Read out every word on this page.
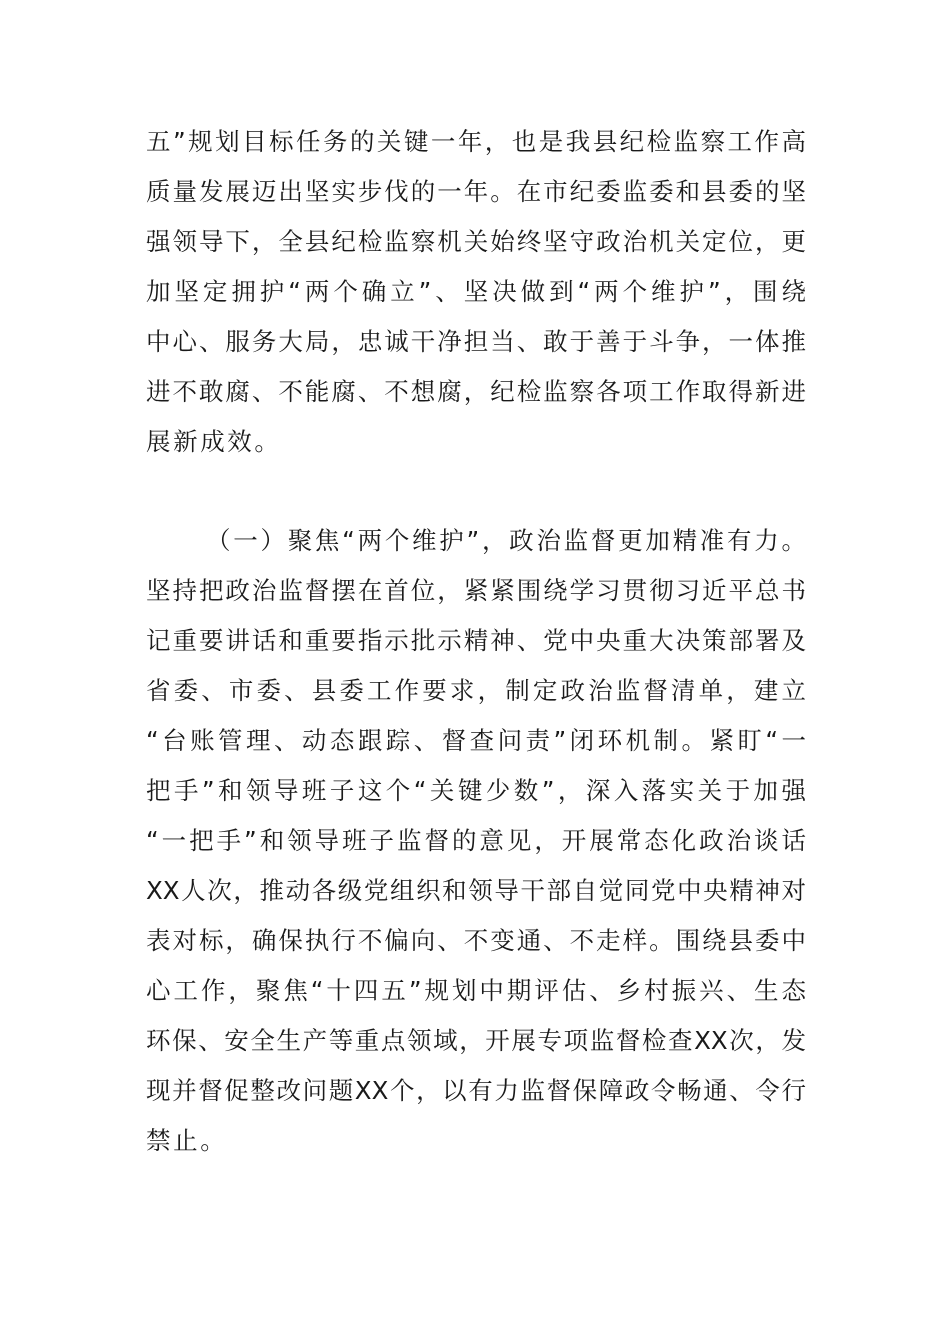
五”规划目标任务的关键一年，也是我县纪检监察工作高
质量发展迈出坚实步伐的一年。在市纪委监委和县委的坚
强领导下，全县纪检监察机关始终坚守政治机关定位，更
加坚定拥护“两个确立”、坚决做到“两个维护”，围绕
中心、服务大局，忠诚干净担当、敢于善于斗争，一体推
进不敢腐、不能腐、不想腐，纪检监察各项工作取得新进
展新成效。
（一）聚焦“两个维护”，政治监督更加精准有力。
坚持把政治监督摆在首位，紧紧围绕学习贯彻习近平总书
记重要讲话和重要指示批示精神、党中央重大决策部署及
省委、市委、县委工作要求，制定政治监督清单，建立
“台账管理、动态跟踪、督查问责”闭环机制。紧盯“一
把手”和领导班子这个“关键少数”，深入落实关于加强
“一把手”和领导班子监督的意见，开展常态化政治谈话
XX人次，推动各级党组织和领导干部自觉同党中央精神对
表对标，确保执行不偏向、不变通、不走样。围绕县委中
心工作，聚焦“十四五”规划中期评估、乡村振兴、生态
环保、安全生产等重点领域，开展专项监督检查XX次，发
现并督促整改问题XX个，以有力监督保障政令畅通、令行
禁止。
